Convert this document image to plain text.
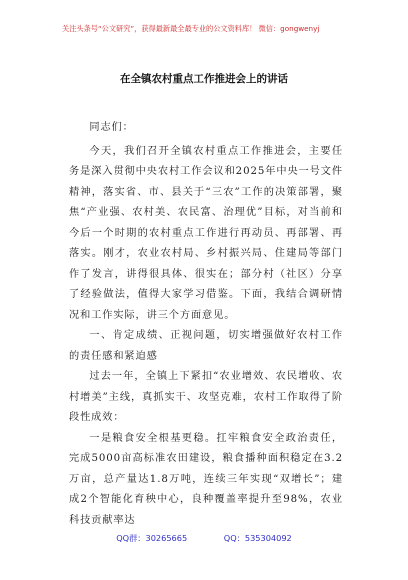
关注头条号“公文研究”，获得最新最全最专业的公文资料库！ 微信：gongwenyj
在全镇农村重点工作推进会上的讲话

同志们：

今天，我们召开全镇农村重点工作推进会，主要任务是深入贯彻中央农村工作会议和2025年中央一号文件精神，落实省、市、县关于“三农”工作的决策部署，聚焦“产业强、农村美、农民富、治理优”目标，对当前和今后一个时期的农村重点工作进行再动员、再部署、再落实。刚才，农业农村局、乡村振兴局、住建局等部门作了发言，讲得很具体、很实在；部分村（社区）分享了经验做法，值得大家学习借鉴。下面，我结合调研情况和工作实际，讲三个方面意见。

一、肯定成绩、正视问题，切实增强做好农村工作的责任感和紧迫感

过去一年，全镇上下紧扣“农业增效、农民增收、农村增美”主线，真抓实干、攻坚克难，农村工作取得了阶段性成效：

一是粮食安全根基更稳。扛牢粮食安全政治责任，完成5000亩高标准农田建设，粮食播种面积稳定在3.2万亩，总产量达1.8万吨，连续三年实现“双增长”；建成2个智能化育秧中心，良种覆盖率提升至98%，农业科技贡献率达

QQ群：30265665	QQ：535304092
